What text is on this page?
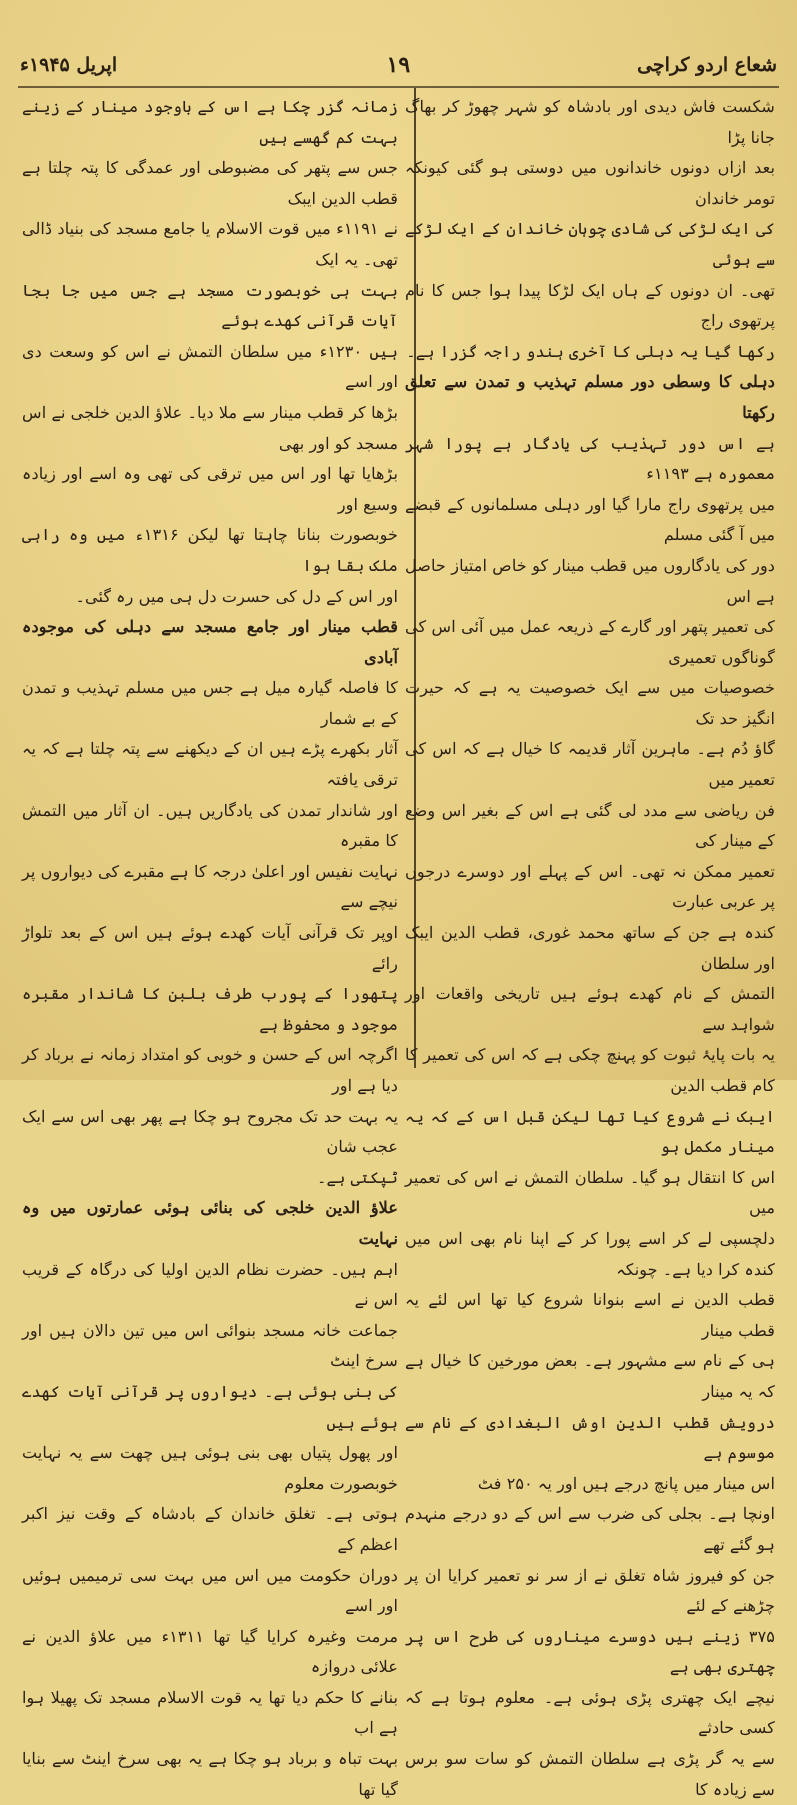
شعاع اردو کراچی
۱۹
اپریل ۱۹۴۵ء

شکست فاش دیدی اور بادشاہ کو شہر چھوڑ کر بھاگ جانا پڑا

بعد ازاں دونوں خاندانوں میں دوستی ہو گئی کیونکہ تومر خاندان

کی ایک لڑکی کی شادی چوہان خاندان کے ایک لڑکے سے ہوئی

تھی۔ ان دونوں کے ہاں ایک لڑکا پیدا ہوا جس کا نام پرتھوی راج

رکھا گیا یہ دہلی کا آخری ہندو راجہ گزرا ہے۔

دہلی کا وسطی دور مسلم تہذیب و تمدن سے تعلق رکھتا

ہے اس دور تہذیب کی یادگار ہے پورا شہر معمورہ ہے ۱۱۹۳ء

میں پرتھوی راج مارا گیا اور دہلی مسلمانوں کے قبضے میں آ گئی مسلم

دور کی یادگاروں میں قطب مینار کو خاص امتیاز حاصل ہے اس

کی تعمیر پتھر اور گارے کے ذریعہ عمل میں آئی اس کی گوناگوں تعمیری

خصوصیات میں سے ایک خصوصیت یہ ہے کہ حیرت انگیز حد تک

گاؤ دُم ہے۔ ماہرین آثار قدیمہ کا خیال ہے کہ اس کی تعمیر میں

فن ریاضی سے مدد لی گئی ہے اس کے بغیر اس وضع کے مینار کی

تعمیر ممکن نہ تھی۔ اس کے پہلے اور دوسرے درجوں پر عربی عبارت

کندہ ہے جن کے ساتھ محمد غوری، قطب الدین ایبک اور سلطان

التمش کے نام کھدے ہوئے ہیں تاریخی واقعات اور شواہد سے

یہ بات پایۂ ثبوت کو پہنچ چکی ہے کہ اس کی تعمیر کا کام قطب الدین

ایبک نے شروع کیا تھا لیکن قبل اس کے کہ یہ مینار مکمل ہو

اس کا انتقال ہو گیا۔ سلطان التمش نے اس کی تعمیر میں

دلچسپی لے کر اسے پورا کر کے اپنا نام بھی اس میں کندہ کرا دیا ہے۔ چونکہ

قطب الدین نے اسے بنوانا شروع کیا تھا اس لئے یہ قطب مینار

ہی کے نام سے مشہور ہے۔ بعض مورخین کا خیال ہے کہ یہ مینار

درویش قطب الدین اوش البغدادی کے نام سے موسوم ہے

اس مینار میں پانچ درجے ہیں اور یہ ۲۵۰ فٹ

اونچا ہے۔ بجلی کی ضرب سے اس کے دو درجے منہدم ہو گئے تھے

جن کو فیروز شاہ تغلق نے از سر نو تعمیر کرایا ان پر چڑھنے کے لئے

۳۷۵ زینے ہیں دوسرے میناروں کی طرح اس پر چھتری بھی ہے

نیچے ایک چھتری پڑی ہوئی ہے۔ معلوم ہوتا ہے کہ کسی حادثے

سے یہ گر پڑی ہے سلطان التمش کو سات سو برس سے زیادہ کا

زمانہ گزر چکا ہے اس کے باوجود مینار کے زینے بہت کم گھسے ہیں

جس سے پتھر کی مضبوطی اور عمدگی کا پتہ چلتا ہے قطب الدین ایبک

نے ۱۱۹۱ء میں قوت الاسلام یا جامع مسجد کی بنیاد ڈالی تھی۔ یہ ایک

بہت ہی خوبصورت مسجد ہے جس میں جا بجا آیات قرآنی کھدے ہوئے

ہیں ۱۲۳۰ء میں سلطان التمش نے اس کو وسعت دی اور اسے

بڑھا کر قطب مینار سے ملا دیا۔ علاؤ الدین خلجی نے اس مسجد کو اور بھی

بڑھایا تھا اور اس میں ترقی کی تھی وہ اسے اور زیادہ وسیع اور

خوبصورت بنانا چاہتا تھا لیکن ۱۳۱۶ء میں وہ راہی ملک بقا ہوا

اور اس کے دل کی حسرت دل ہی میں رہ گئی۔

قطب مینار اور جامع مسجد سے دہلی کی موجودہ آبادی

کا فاصلہ گیارہ میل ہے جس میں مسلم تہذیب و تمدن کے بے شمار

آثار بکھرے پڑے ہیں ان کے دیکھنے سے پتہ چلتا ہے کہ یہ ترقی یافتہ

اور شاندار تمدن کی یادگاریں ہیں۔ ان آثار میں التمش کا مقبرہ

نہایت نفیس اور اعلیٰ درجہ کا ہے مقبرے کی دیواروں پر نیچے سے

اوپر تک قرآنی آیات کھدے ہوئے ہیں اس کے بعد تلواڑ رائے

پتھورا کے پورب طرف بلبن کا شاندار مقبرہ موجود و محفوظ ہے

اگرچہ اس کے حسن و خوبی کو امتداد زمانہ نے برباد کر دیا ہے اور

یہ بہت حد تک مجروح ہو چکا ہے پھر بھی اس سے ایک عجب شان

ٹپکتی ہے۔

علاؤ الدین خلجی کی بنائی ہوئی عمارتوں میں وہ نہایت

اہم ہیں۔ حضرت نظام الدین اولیا کی درگاہ کے قریب اس نے

جماعت خانہ مسجد بنوائی اس میں تین دالان ہیں اور سرخ اینٹ

کی بنی ہوئی ہے۔ دیواروں پر قرآنی آیات کھدے ہوئے ہیں

اور پھول پتیاں بھی بنی ہوئی ہیں چھت سے یہ نہایت خوبصورت معلوم

ہوتی ہے۔ تغلق خاندان کے بادشاہ کے وقت نیز اکبر اعظم کے

دوران حکومت میں اس میں بہت سی ترمیمیں ہوئیں اور اسے

مرمت وغیرہ کرایا گیا تھا ۱۳۱۱ء میں علاؤ الدین نے علائی دروازہ

بنانے کا حکم دیا تھا یہ قوت الاسلام مسجد تک پھیلا ہوا ہے اب

بہت تباہ و برباد ہو چکا ہے یہ بھی سرخ اینٹ سے بنایا گیا تھا
